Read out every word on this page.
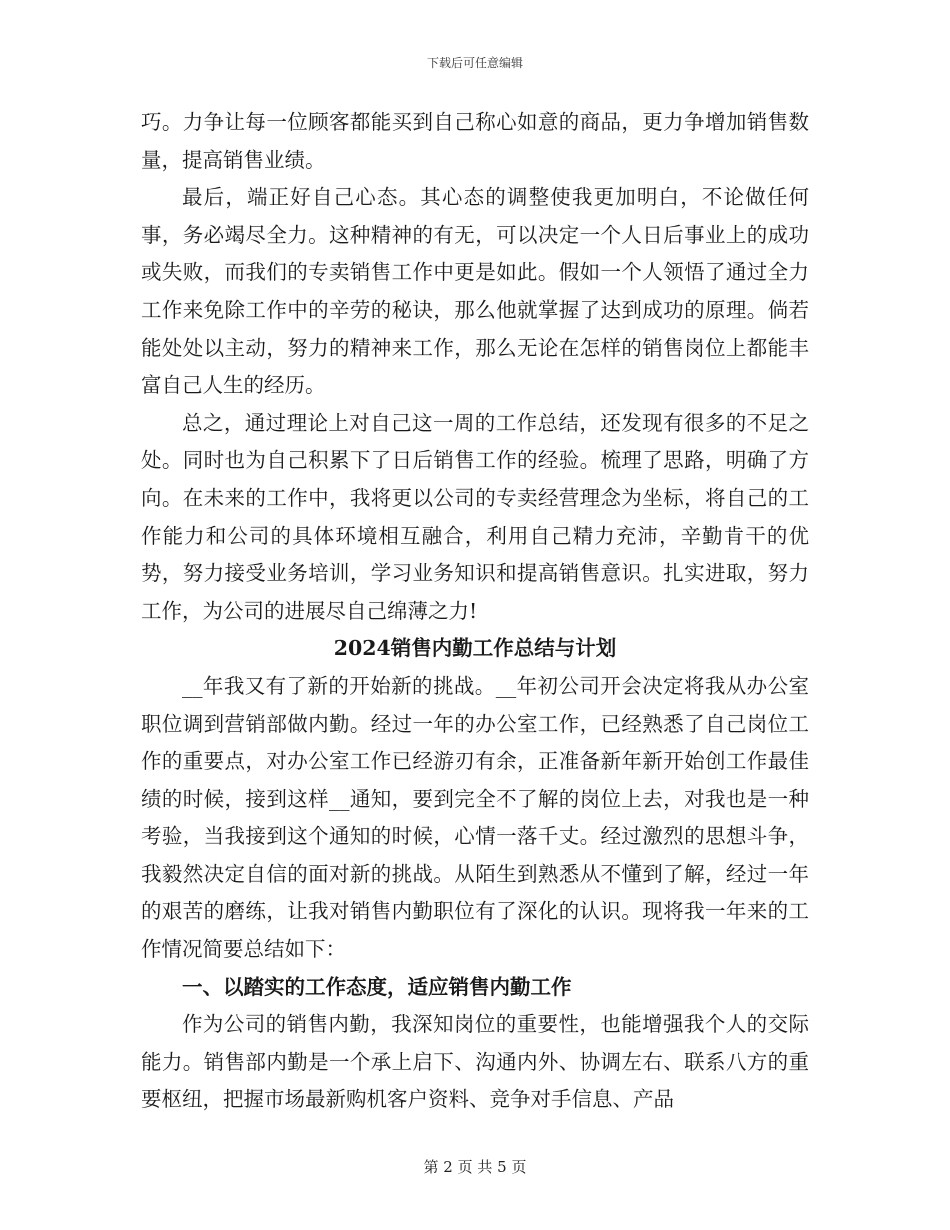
下载后可任意编辑

巧。力争让每一位顾客都能买到自己称心如意的商品，更力争增加销售数量，提高销售业绩。

最后，端正好自己心态。其心态的调整使我更加明白，不论做任何事，务必竭尽全力。这种精神的有无，可以决定一个人日后事业上的成功或失败，而我们的专卖销售工作中更是如此。假如一个人领悟了通过全力工作来免除工作中的辛劳的秘诀，那么他就掌握了达到成功的原理。倘若能处处以主动，努力的精神来工作，那么无论在怎样的销售岗位上都能丰富自己人生的经历。

总之，通过理论上对自己这一周的工作总结，还发现有很多的不足之处。同时也为自己积累下了日后销售工作的经验。梳理了思路，明确了方向。在未来的工作中，我将更以公司的专卖经营理念为坐标，将自己的工作能力和公司的具体环境相互融合，利用自己精力充沛，辛勤肯干的优势，努力接受业务培训，学习业务知识和提高销售意识。扎实进取，努力工作，为公司的进展尽自己绵薄之力!

2024销售内勤工作总结与计划

__年我又有了新的开始新的挑战。__年初公司开会决定将我从办公室职位调到营销部做内勤。经过一年的办公室工作，已经熟悉了自己岗位工作的重要点，对办公室工作已经游刃有余，正准备新年新开始创工作最佳绩的时候，接到这样__通知，要到完全不了解的岗位上去，对我也是一种考验，当我接到这个通知的时候，心情一落千丈。经过激烈的思想斗争，我毅然决定自信的面对新的挑战。从陌生到熟悉从不懂到了解，经过一年的艰苦的磨练，让我对销售内勤职位有了深化的认识。现将我一年来的工作情况简要总结如下：

一、以踏实的工作态度，适应销售内勤工作

作为公司的销售内勤，我深知岗位的重要性，也能增强我个人的交际能力。销售部内勤是一个承上启下、沟通内外、协调左右、联系八方的重要枢纽，把握市场最新购机客户资料、竞争对手信息、产品

第 2 页 共 5 页
